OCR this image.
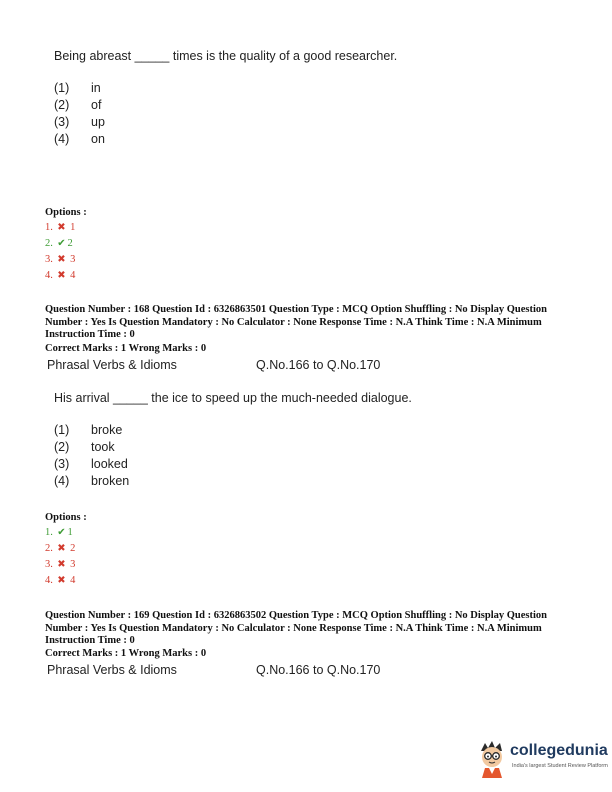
Being abreast _____ times is the quality of a good researcher.
(1) in
(2) of
(3) up
(4) on
Options :
1. ✖ 1
2. ✔ 2
3. ✖ 3
4. ✖ 4
Question Number : 168 Question Id : 6326863501 Question Type : MCQ Option Shuffling : No Display Question Number : Yes Is Question Mandatory : No Calculator : None Response Time : N.A Think Time : N.A Minimum Instruction Time : 0
Correct Marks : 1 Wrong Marks : 0
Phrasal Verbs & Idioms	Q.No.166 to Q.No.170
His arrival _____ the ice to speed up the much-needed dialogue.
(1) broke
(2) took
(3) looked
(4) broken
Options :
1. ✔ 1
2. ✖ 2
3. ✖ 3
4. ✖ 4
Question Number : 169 Question Id : 6326863502 Question Type : MCQ Option Shuffling : No Display Question Number : Yes Is Question Mandatory : No Calculator : None Response Time : N.A Think Time : N.A Minimum Instruction Time : 0
Correct Marks : 1 Wrong Marks : 0
Phrasal Verbs & Idioms	Q.No.166 to Q.No.170
collegedunia
India's largest Student Review Platform
